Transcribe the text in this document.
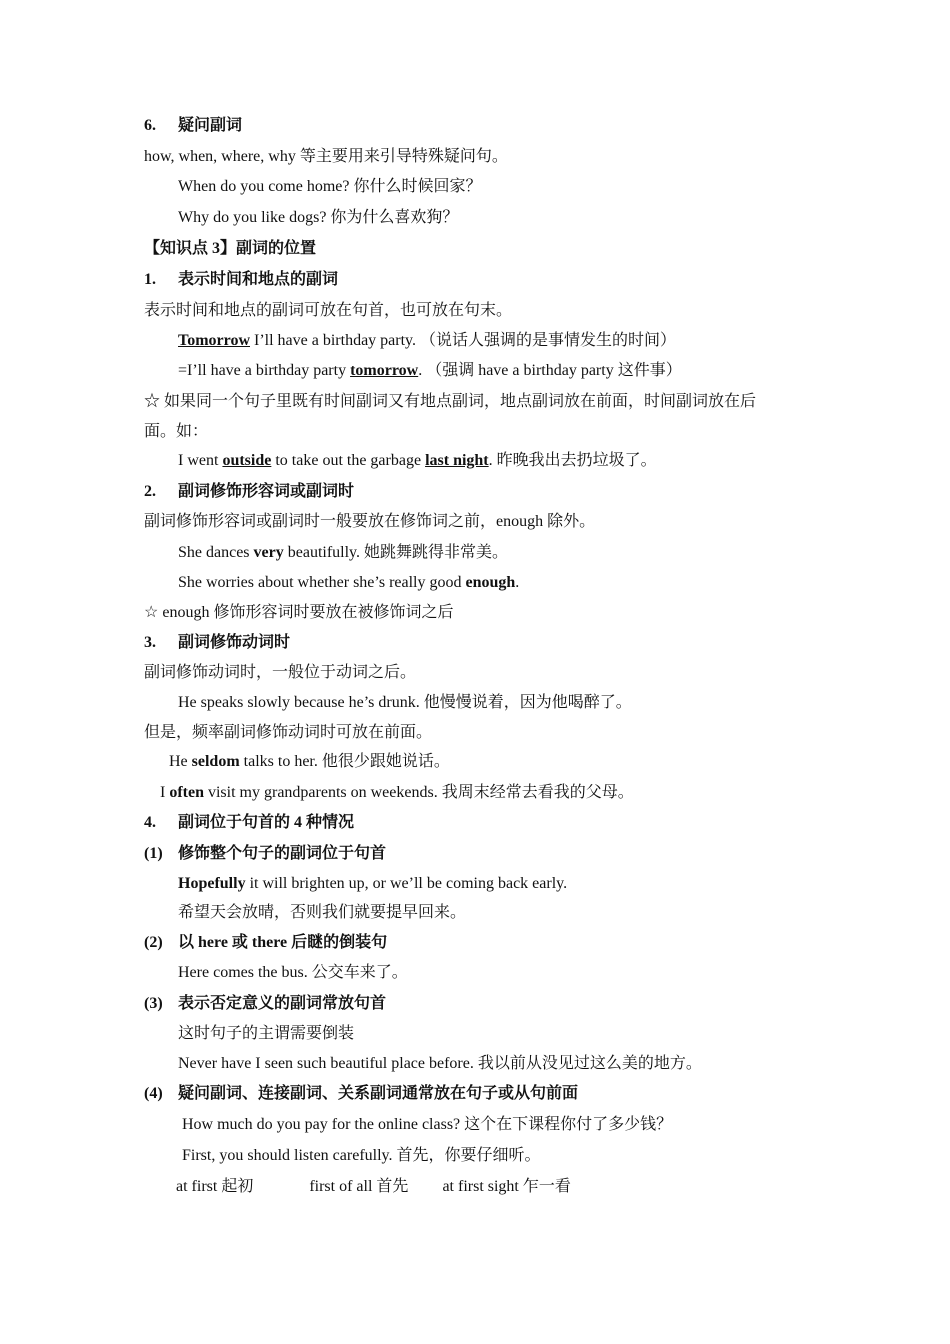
6. 疑问副词
how, when, where, why 等主要用来引导特殊疑问句。
When do you come home? 你什么时候回家？
Why do you like dogs? 你为什么喜欢狗？
【知识点 3】副词的位置
1. 表示时间和地点的副词
表示时间和地点的副词可放在句首，也可放在句末。
Tomorrow I’ll have a birthday party. （说话人强调的是事情发生的时间）
=I’ll have a birthday party tomorrow. （强调 have a birthday party 这件事）
☆ 如果同一个句子里既有时间副词又有地点副词，地点副词放在前面，时间副词放在后
面。如：
I went outside to take out the garbage last night. 昨晚我出去扔垃圾了。
2. 副词修饰形容词或副词时
副词修饰形容词或副词时一般要放在修饰词之前，enough 除外。
She dances very beautifully. 她跳舞跳得非常美。
She worries about whether she’s really good enough.
☆ enough 修饰形容词时要放在被修饰词之后
3. 副词修饰动词时
副词修饰动词时，一般位于动词之后。
He speaks slowly because he’s drunk. 他慢慢说着，因为他喝醉了。
但是，频率副词修饰动词时可放在前面。
He seldom talks to her. 他很少跟她说话。
I often visit my grandparents on weekends. 我周末经常去看我的父母。
4. 副词位于句首的 4 种情况
(1) 修饰整个句子的副词位于句首
Hopefully it will brighten up, or we’ll be coming back early.
希望天会放晴，否则我们就要提早回来。
(2) 以 here 或 there 后瞇的倒装句
Here comes the bus. 公交车来了。
(3) 表示否定意义的副词常放句首
这时句子的主谓需要倒装
Never have I seen such beautiful place before. 我以前从没见过这么美的地方。
(4) 疑问副词、连接副词、关系副词通常放在句子或从句前面
How much do you pay for the online class? 这个在下课程你付了多少钱？
First, you should listen carefully. 首先，你要仔细听。
at first 起初	first of all 首先 at first sight 乍一看
